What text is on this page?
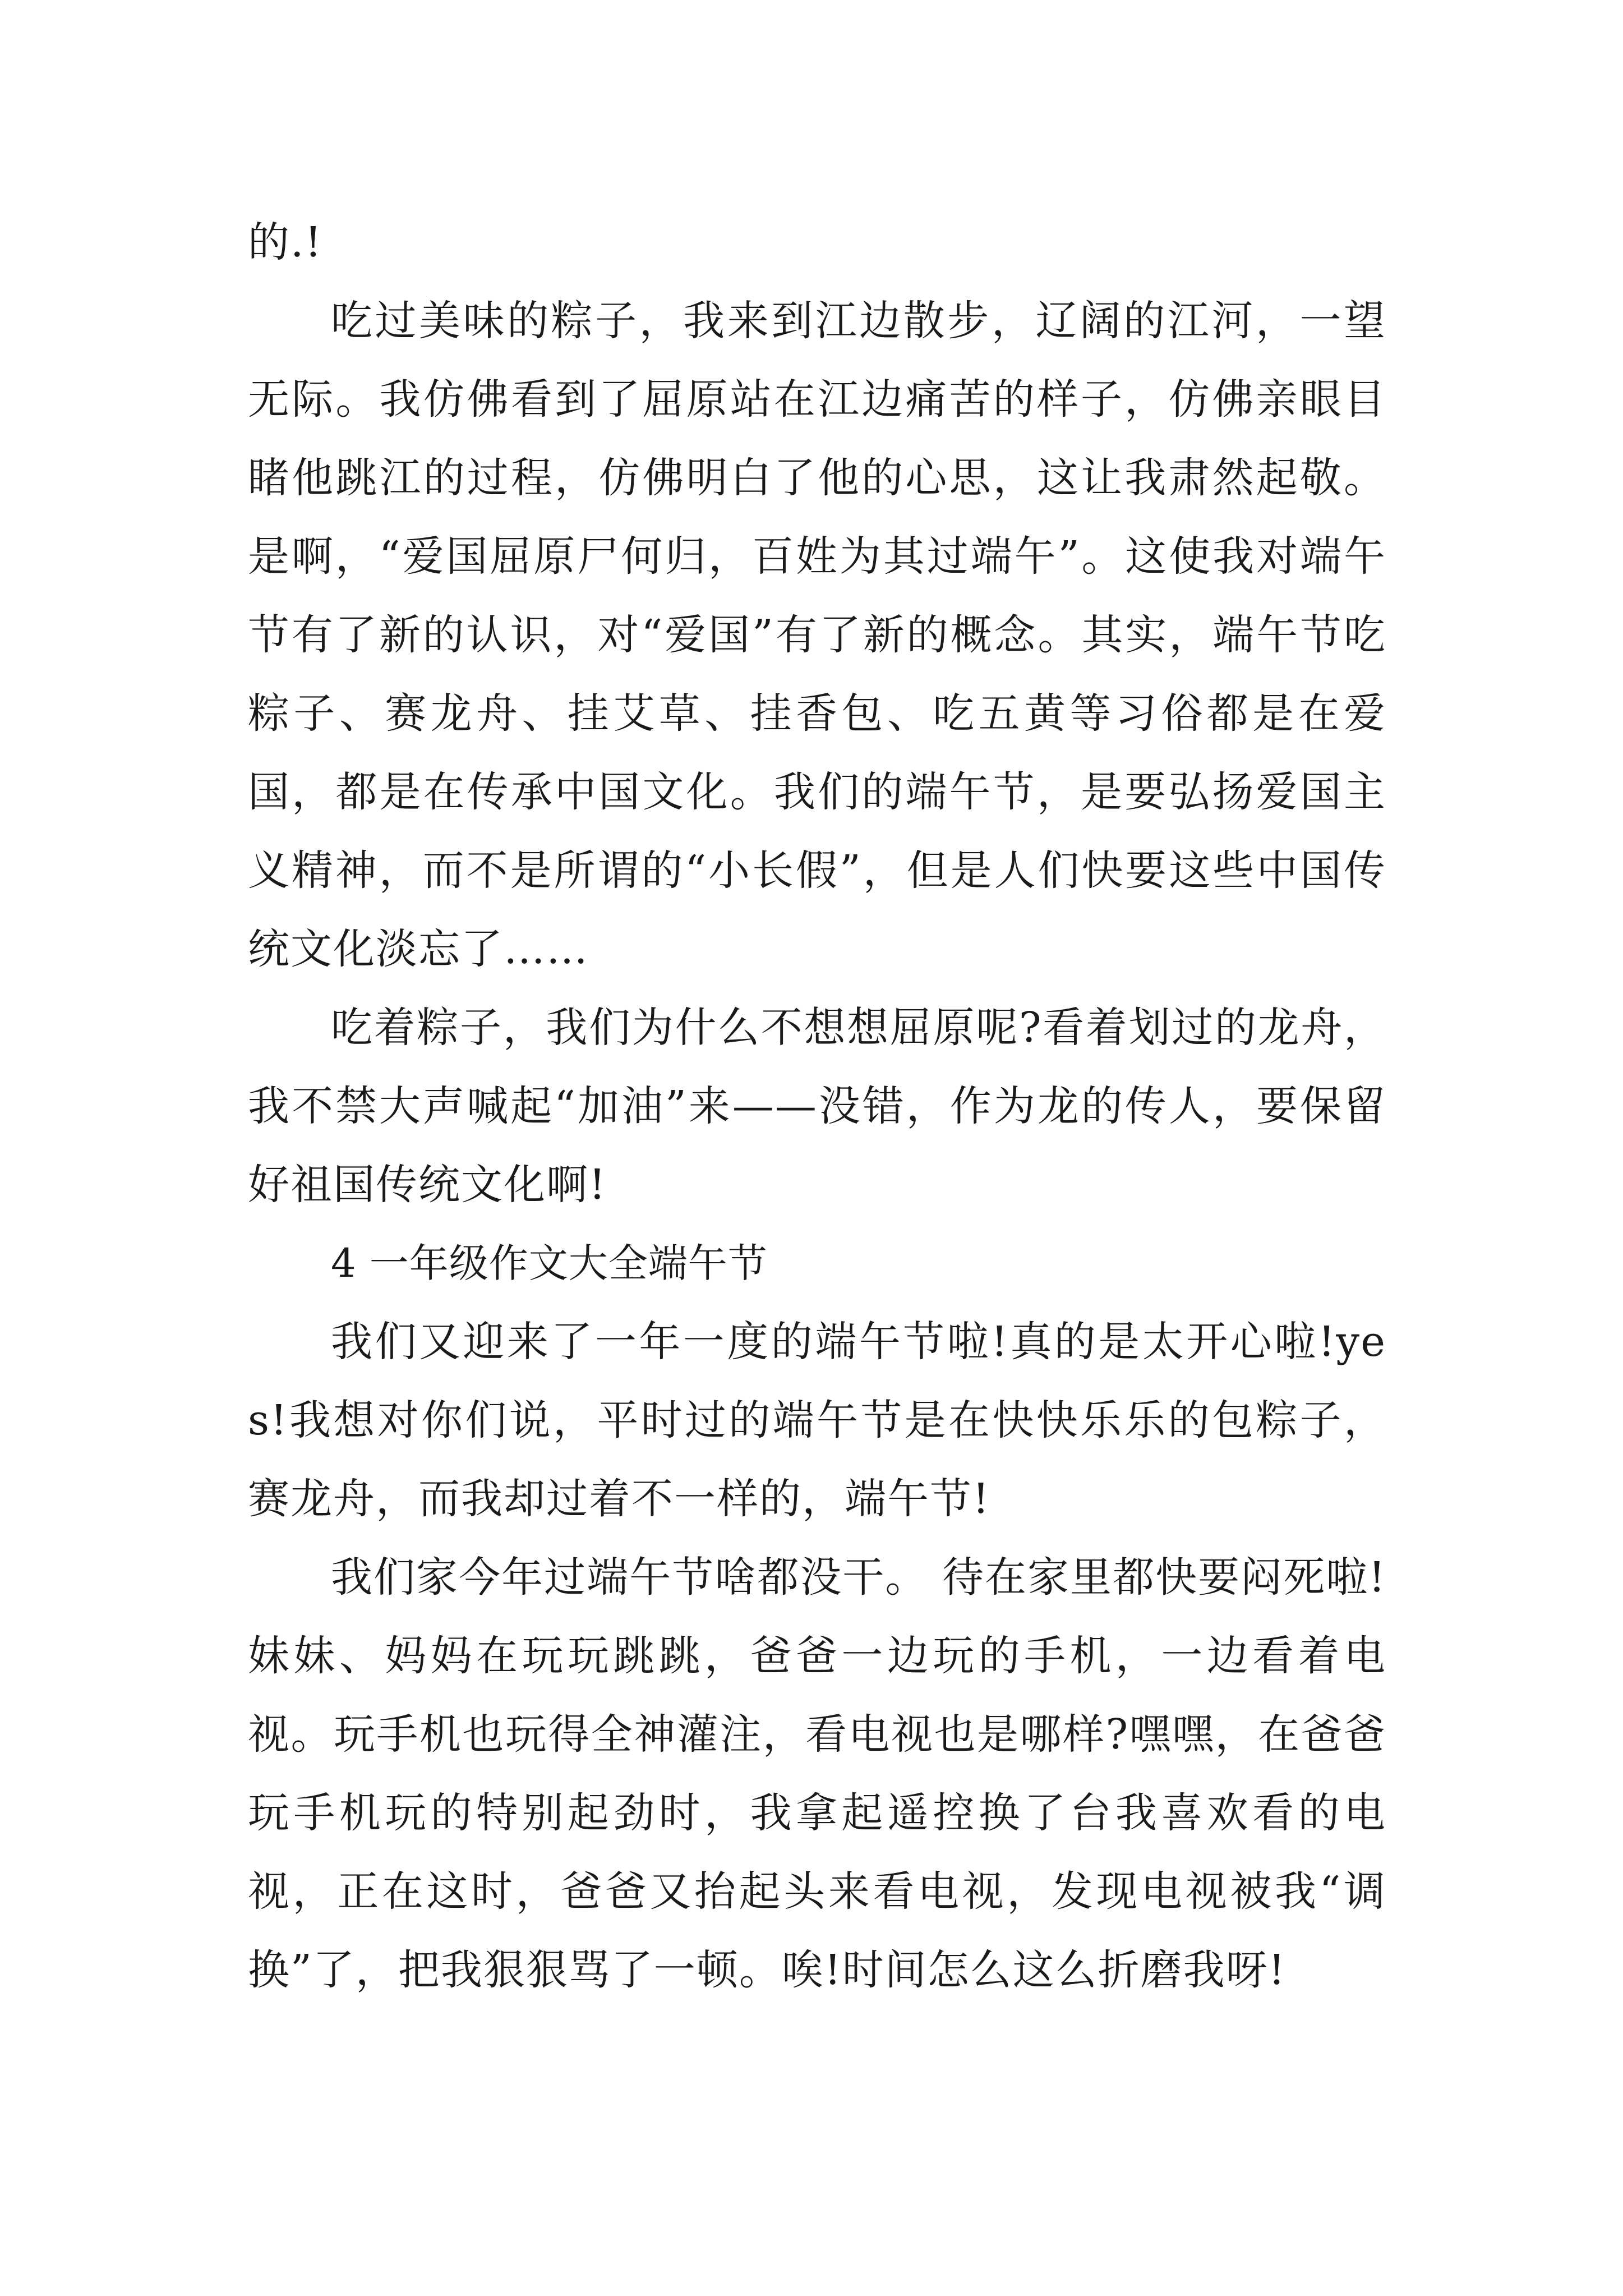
的.!

吃过美味的粽子，我来到江边散步，辽阔的江河，一望无际。我仿佛看到了屈原站在江边痛苦的样子，仿佛亲眼目睹他跳江的过程，仿佛明白了他的心思，这让我肃然起敬。是啊，“爱国屈原尸何归，百姓为其过端午”。这使我对端午节有了新的认识，对“爱国”有了新的概念。其实，端午节吃粽子、赛龙舟、挂艾草、挂香包、吃五黄等习俗都是在爱国，都是在传承中国文化。我们的端午节，是要弘扬爱国主义精神，而不是所谓的“小长假”，但是人们快要这些中国传统文化淡忘了……

吃着粽子，我们为什么不想想屈原呢?看着划过的龙舟，我不禁大声喊起“加油”来——没错，作为龙的传人，要保留好祖国传统文化啊!

4 一年级作文大全端午节

我们又迎来了一年一度的端午节啦!真的是太开心啦!yes!我想对你们说，平时过的端午节是在快快乐乐的包粽子，赛龙舟，而我却过着不一样的，端午节!

我们家今年过端午节啥都没干。 待在家里都快要闷死啦!妹妹、妈妈在玩玩跳跳，爸爸一边玩的手机，一边看着电视。玩手机也玩得全神灌注，看电视也是哪样?嘿嘿，在爸爸玩手机玩的特别起劲时，我拿起遥控换了台我喜欢看的电视，正在这时，爸爸又抬起头来看电视，发现电视被我“调换”了，把我狠狠骂了一顿。唉!时间怎么这么折磨我呀!
